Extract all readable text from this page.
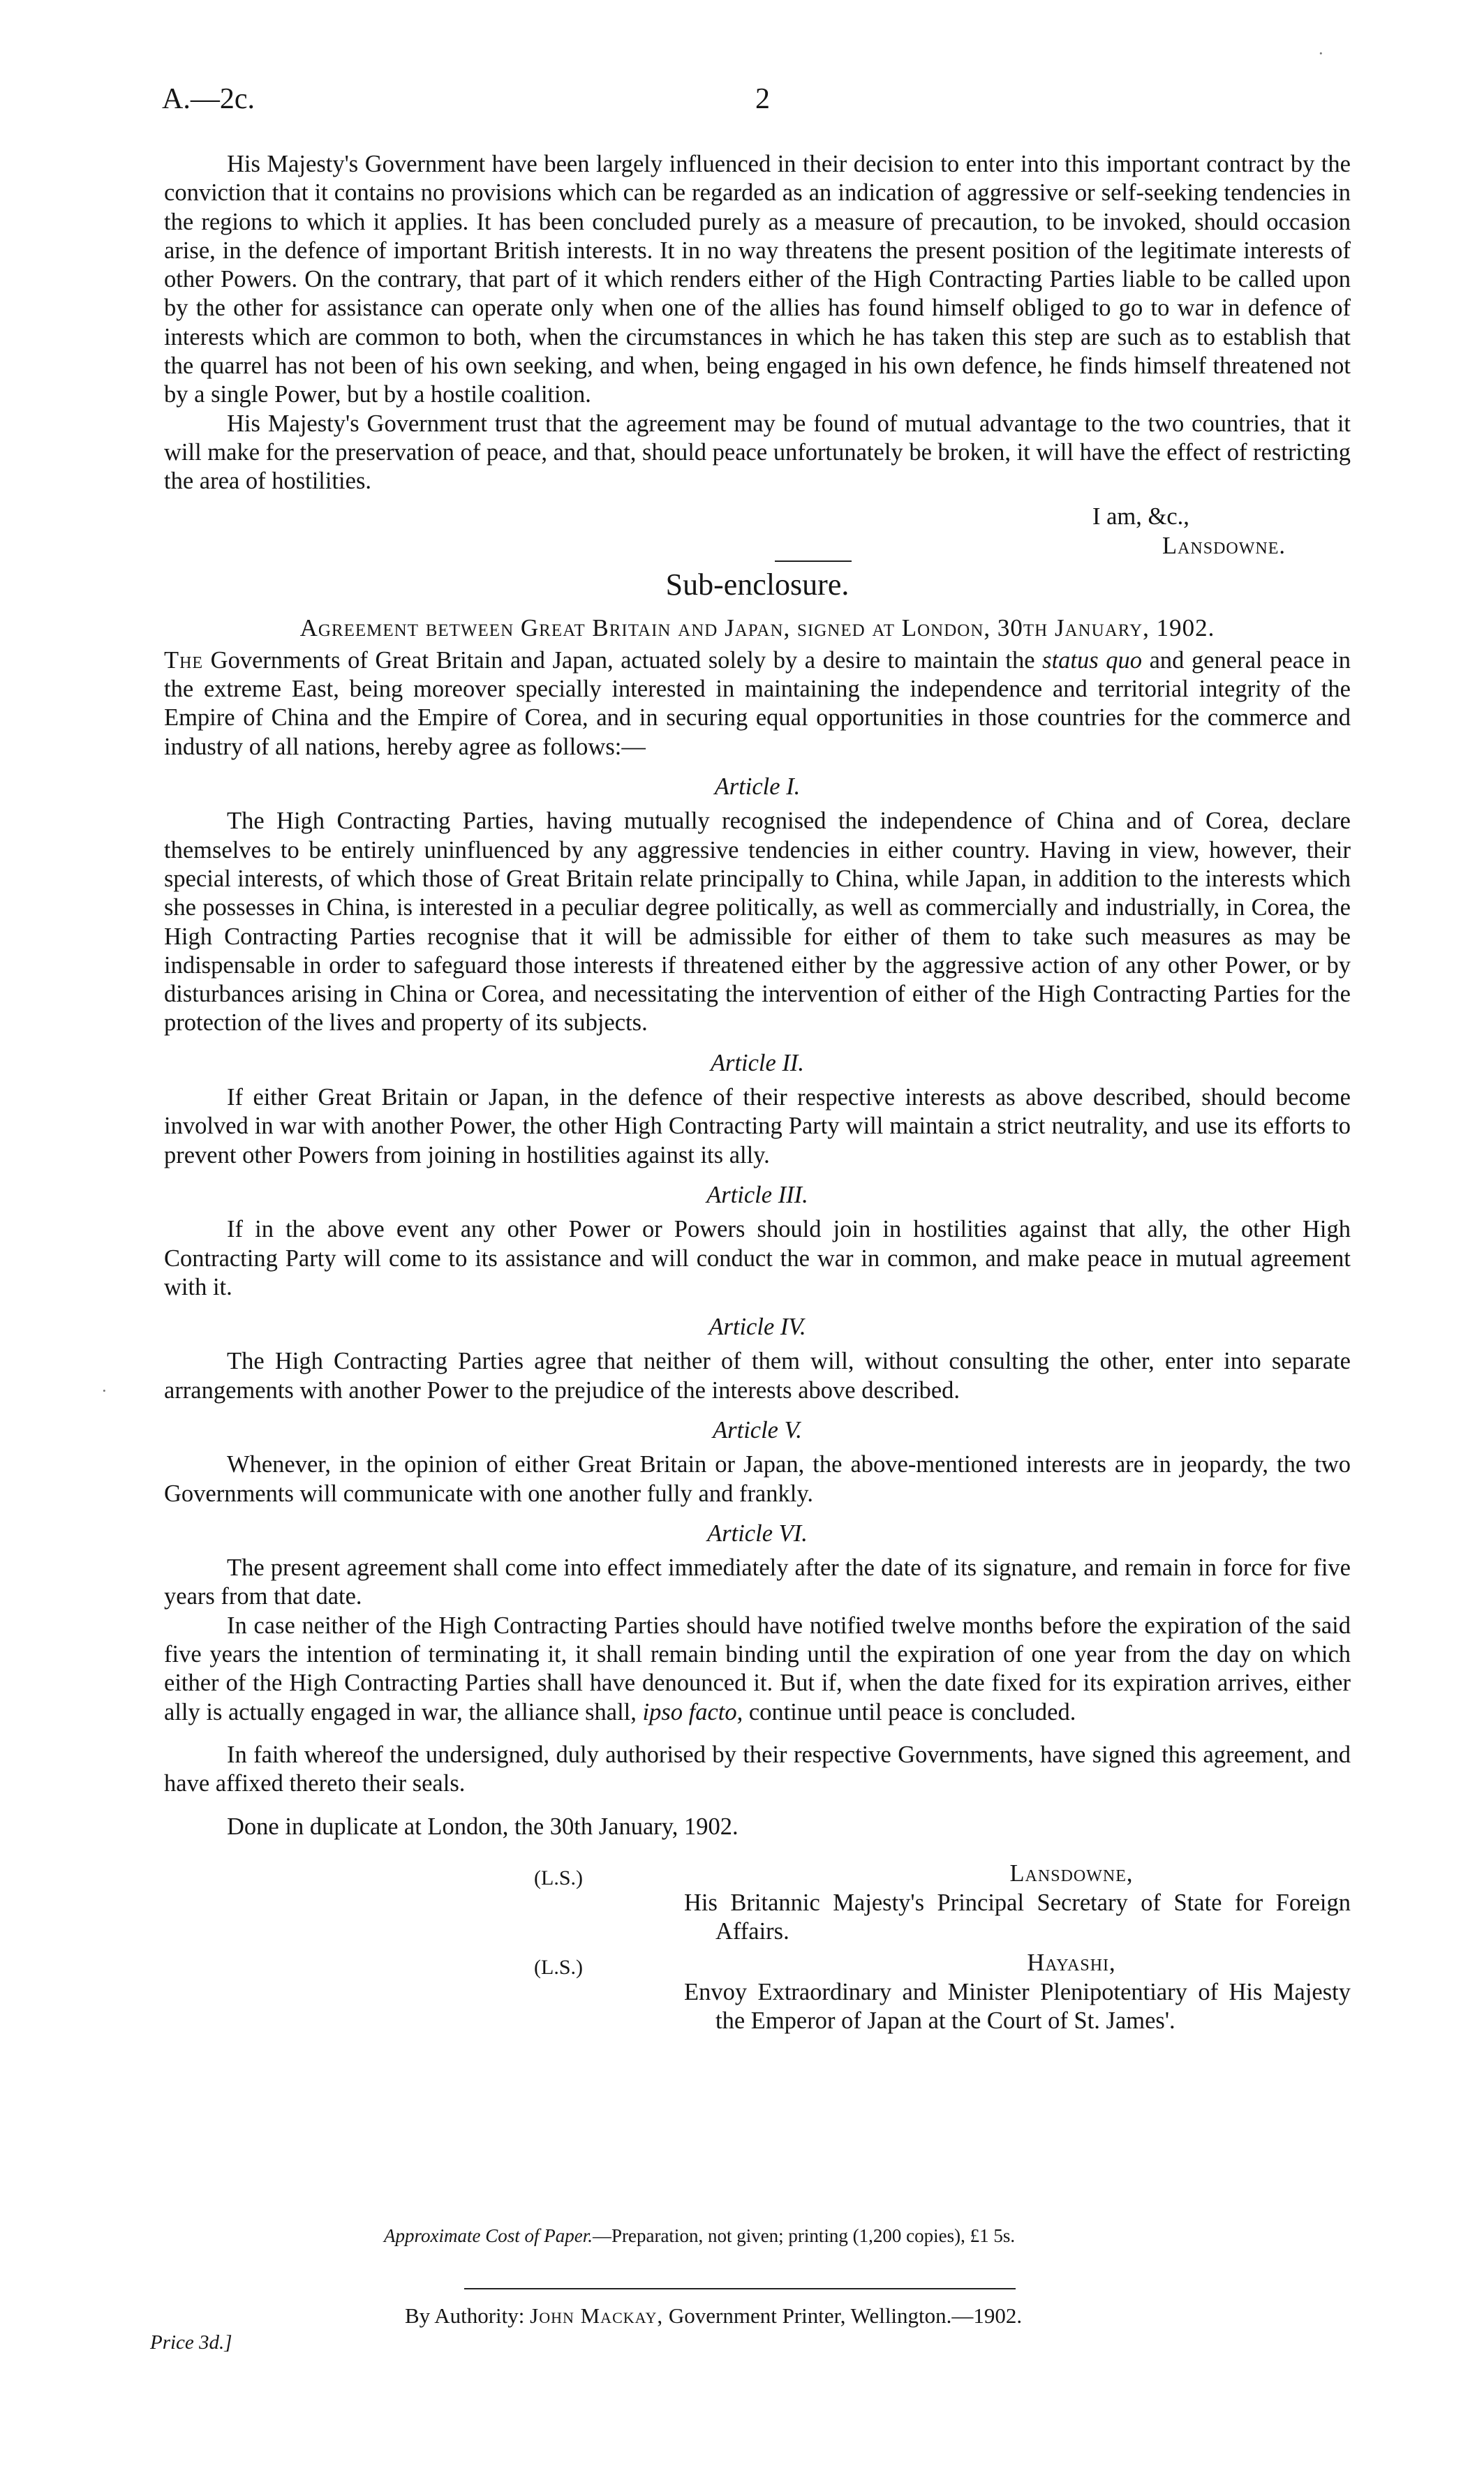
A.—2c.	2
·
·

His Majesty's Government have been largely influenced in their decision to enter into this important contract by the conviction that it contains no provisions which can be regarded as an indication of aggressive or self-seeking tendencies in the regions to which it applies. It has been concluded purely as a measure of precaution, to be invoked, should occasion arise, in the defence of important British interests. It in no way threatens the present position of the legitimate interests of other Powers. On the contrary, that part of it which renders either of the High Contracting Parties liable to be called upon by the other for assistance can operate only when one of the allies has found himself obliged to go to war in defence of interests which are common to both, when the circumstances in which he has taken this step are such as to establish that the quarrel has not been of his own seeking, and when, being engaged in his own defence, he finds himself threatened not by a single Power, but by a hostile coalition.

His Majesty's Government trust that the agreement may be found of mutual advantage to the two countries, that it will make for the preservation of peace, and that, should peace unfortunately be broken, it will have the effect of restricting the area of hostilities.

I am, &c.,
Lansdowne.
Sub-enclosure.
Agreement between Great Britain and Japan, signed at London, 30th January, 1902.

The Governments of Great Britain and Japan, actuated solely by a desire to maintain the status quo and general peace in the extreme East, being moreover specially interested in maintaining the independence and territorial integrity of the Empire of China and the Empire of Corea, and in securing equal opportunities in those countries for the commerce and industry of all nations, hereby agree as follows:—

Article I.

The High Contracting Parties, having mutually recognised the independence of China and of Corea, declare themselves to be entirely uninfluenced by any aggressive tendencies in either country. Having in view, however, their special interests, of which those of Great Britain relate principally to China, while Japan, in addition to the interests which she possesses in China, is interested in a peculiar degree politically, as well as commercially and industrially, in Corea, the High Contracting Parties recognise that it will be admissible for either of them to take such measures as may be indispensable in order to safeguard those interests if threatened either by the aggressive action of any other Power, or by disturbances arising in China or Corea, and necessitating the intervention of either of the High Contracting Parties for the protection of the lives and property of its subjects.

Article II.

If either Great Britain or Japan, in the defence of their respective interests as above described, should become involved in war with another Power, the other High Contracting Party will maintain a strict neutrality, and use its efforts to prevent other Powers from joining in hostilities against its ally.

Article III.

If in the above event any other Power or Powers should join in hostilities against that ally, the other High Contracting Party will come to its assistance and will conduct the war in common, and make peace in mutual agreement with it.

Article IV.

The High Contracting Parties agree that neither of them will, without consulting the other, enter into separate arrangements with another Power to the prejudice of the interests above described.

Article V.

Whenever, in the opinion of either Great Britain or Japan, the above-mentioned interests are in jeopardy, the two Governments will communicate with one another fully and frankly.

Article VI.

The present agreement shall come into effect immediately after the date of its signature, and remain in force for five years from that date.

In case neither of the High Contracting Parties should have notified twelve months before the expiration of the said five years the intention of terminating it, it shall remain binding until the expiration of one year from the day on which either of the High Contracting Parties shall have denounced it. But if, when the date fixed for its expiration arrives, either ally is actually engaged in war, the alliance shall, ipso facto, continue until peace is concluded.

In faith whereof the undersigned, duly authorised by their respective Governments, have signed this agreement, and have affixed thereto their seals.

Done in duplicate at London, the 30th January, 1902.

(L.S.)	Lansdowne,
His Britannic Majesty's Principal Secretary of State for Foreign Affairs.
(L.S.)	Hayashi,
Envoy Extraordinary and Minister Plenipotentiary of His Majesty the Emperor of Japan at the Court of St. James'.
Approximate Cost of Paper.—Preparation, not given; printing (1,200 copies), £1 5s.
By Authority: John Mackay, Government Printer, Wellington.—1902.
Price 3d.]
